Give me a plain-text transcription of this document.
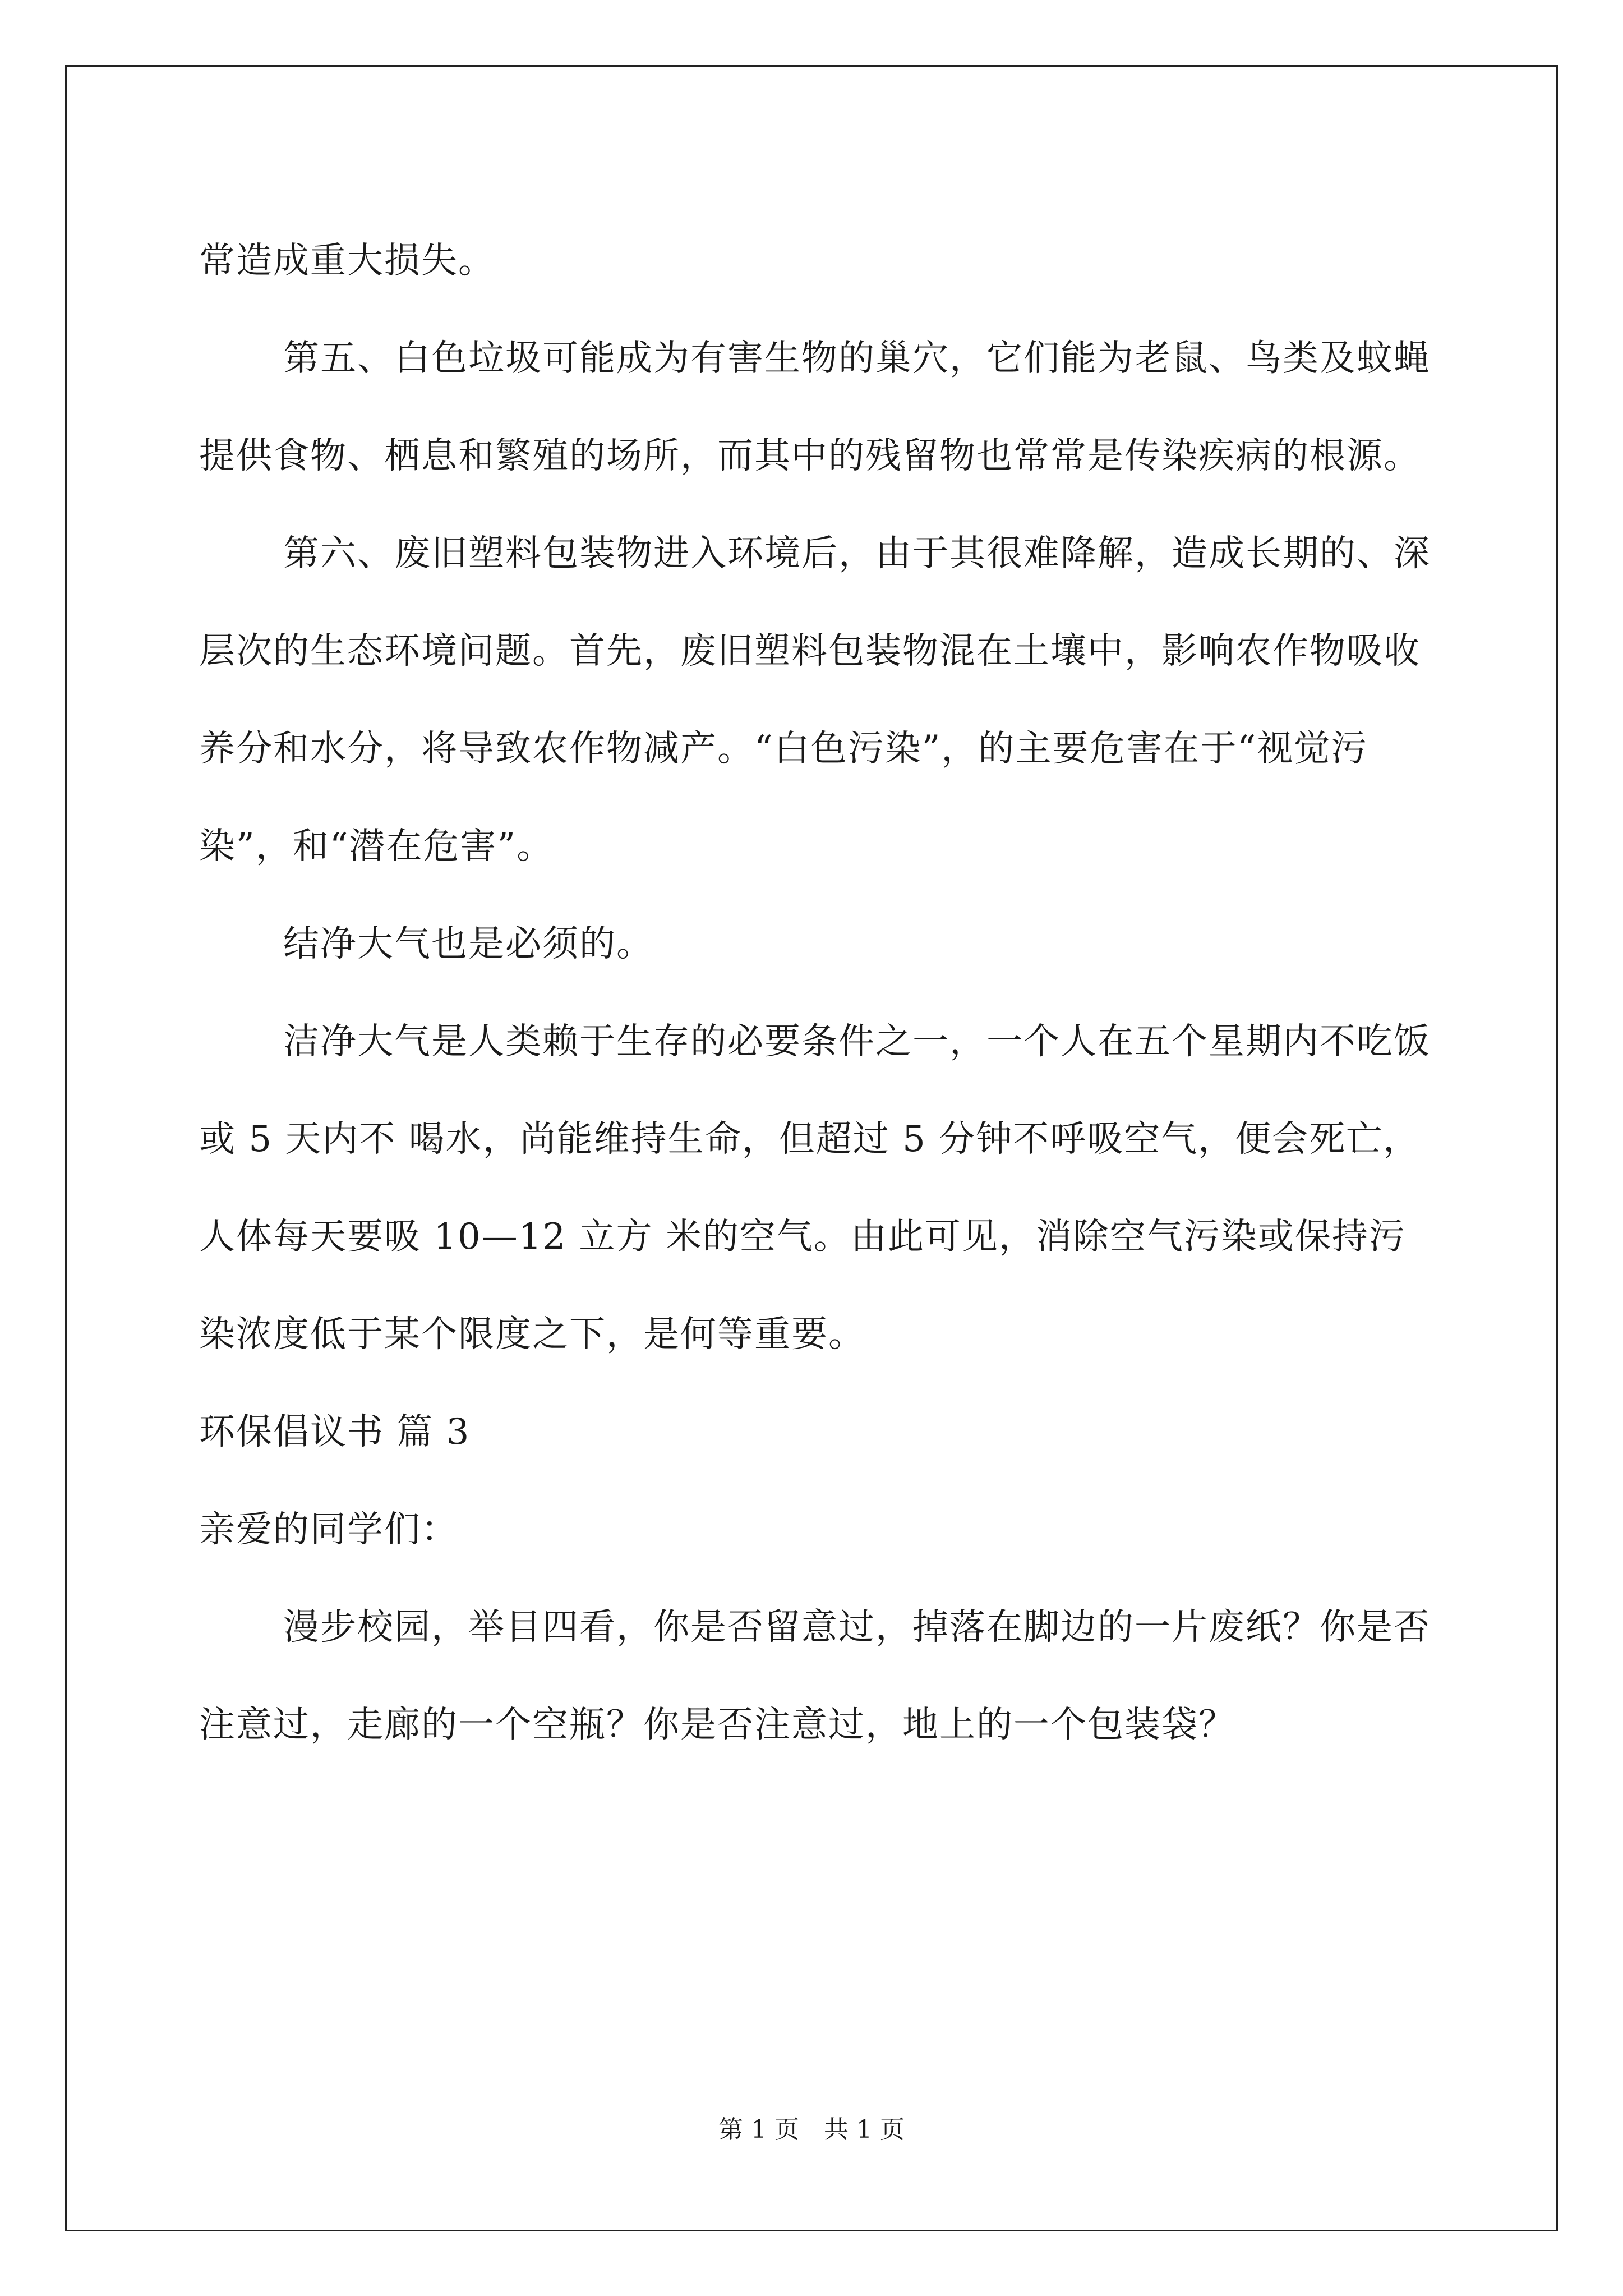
常造成重大损失。

第五、白色垃圾可能成为有害生物的巢穴，它们能为老鼠、鸟类及蚊蝇提供食物、栖息和繁殖的场所，而其中的残留物也常常是传染疾病的根源。

第六、废旧塑料包装物进入环境后，由于其很难降解，造成长期的、深层次的生态环境问题。首先，废旧塑料包装物混在土壤中，影响农作物吸收养分和水分，将导致农作物减产。“白色污染”，的主要危害在于“视觉污染”，和“潜在危害”。

结净大气也是必须的。

洁净大气是人类赖于生存的必要条件之一，一个人在五个星期内不吃饭或 5 天内不 喝水，尚能维持生命，但超过 5 分钟不呼吸空气，便会死亡，人体每天要吸 10—12 立方 米的空气。由此可见，消除空气污染或保持污染浓度低于某个限度之下，是何等重要。

环保倡议书 篇 3

亲爱的同学们：

漫步校园，举目四看，你是否留意过，掉落在脚边的一片废纸？你是否注意过，走廊的一个空瓶？你是否注意过，地上的一个包装袋？

第 1 页　共 1 页
